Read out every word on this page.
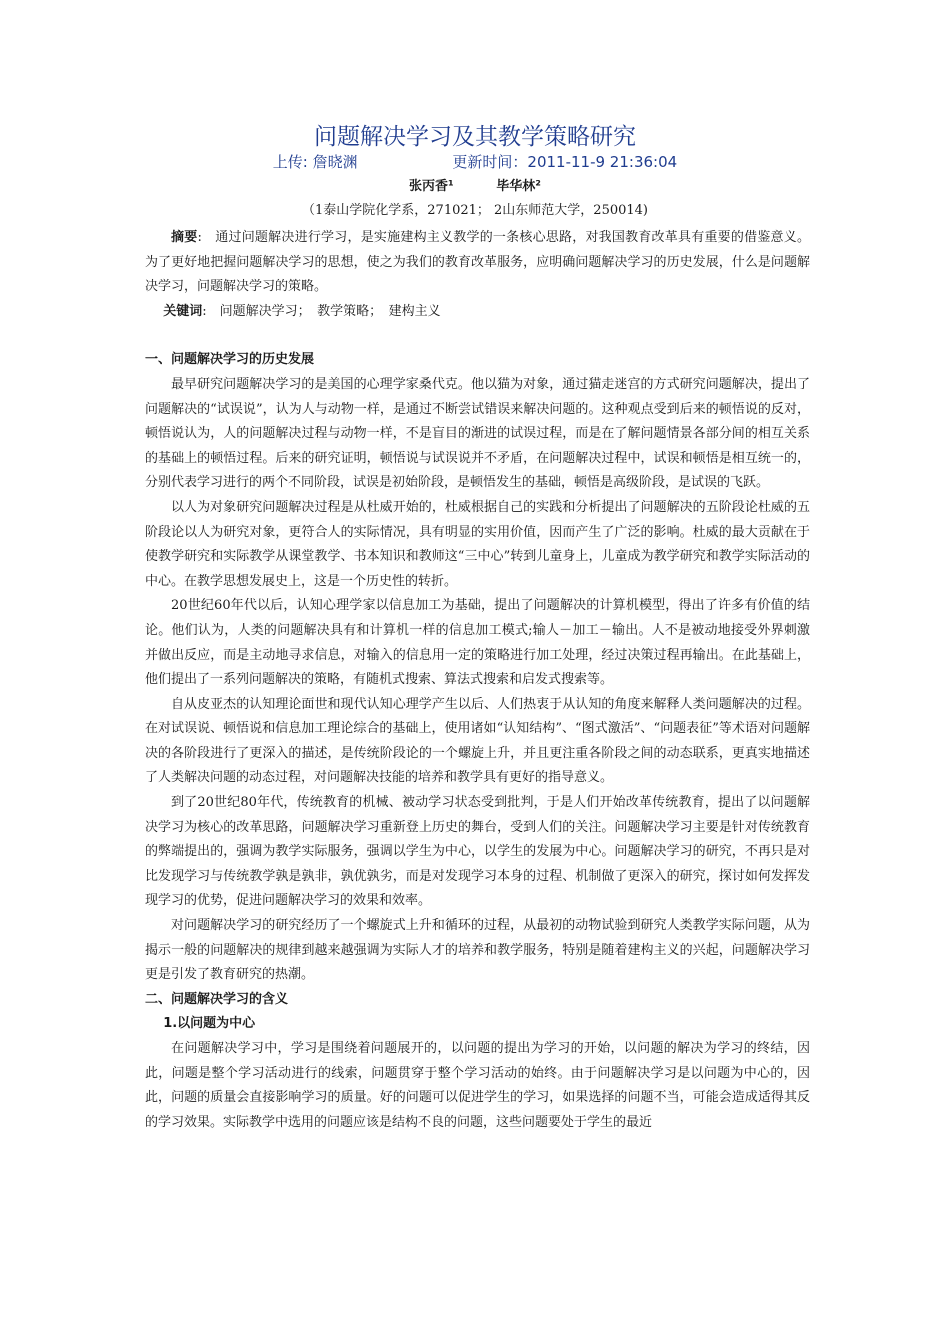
问题解决学习及其教学策略研究
上传: 詹晓渊	更新时间：2011-11-9 21:36:04
张丙香¹	毕华林²
（1泰山学院化学系，271021； 2山东师范大学，250014)

摘要:　通过问题解决进行学习，是实施建构主义教学的一条核心思路，对我国教育改革具有重要的借鉴意义。为了更好地把握问题解决学习的思想，使之为我们的教育改革服务，应明确问题解决学习的历史发展，什么是问题解决学习，问题解决学习的策略。

关键词:　问题解决学习；　教学策略；　建构主义

一、问题解决学习的历史发展

最早研究问题解决学习的是美国的心理学家桑代克。他以猫为对象，通过猫走迷宫的方式研究问题解决，提出了问题解决的“试误说”，认为人与动物一样，是通过不断尝试错误来解决问题的。这种观点受到后来的顿悟说的反对，顿悟说认为，人的问题解决过程与动物一样，不是盲目的渐进的试误过程，而是在了解问题情景各部分间的相互关系的基础上的顿悟过程。后来的研究证明，顿悟说与试误说并不矛盾，在问题解决过程中，试误和顿悟是相互统一的，分别代表学习进行的两个不同阶段，试误是初始阶段，是顿悟发生的基础，顿悟是高级阶段，是试误的飞跃。

以人为对象研究问题解决过程是从杜威开始的，杜威根据自己的实践和分析提出了问题解决的五阶段论杜威的五阶段论以人为研究对象，更符合人的实际情况，具有明显的实用价值，因而产生了广泛的影响。杜威的最大贡献在于使教学研究和实际教学从课堂教学、书本知识和教师这“三中心”转到儿童身上，儿童成为教学研究和教学实际活动的中心。在教学思想发展史上，这是一个历史性的转折。

20世纪60年代以后，认知心理学家以信息加工为基础，提出了问题解决的计算机模型，得出了许多有价值的结论。他们认为，人类的问题解决具有和计算机一样的信息加工模式;输人－加工－输出。人不是被动地接受外界刺激并做出反应，而是主动地寻求信息，对输入的信息用一定的策略进行加工处理，经过决策过程再输出。在此基础上，他们提出了一系列问题解决的策略，有随机式搜索、算法式搜索和启发式搜索等。

自从皮亚杰的认知理论面世和现代认知心理学产生以后、人们热衷于从认知的角度来解释人类问题解决的过程。在对试误说、顿悟说和信息加工理论综合的基础上，使用诸如“认知结构”、“图式激活”、“问题表征”等术语对问题解决的各阶段进行了更深入的描述，是传统阶段论的一个螺旋上升，并且更注重各阶段之间的动态联系，更真实地描述了人类解决问题的动态过程，对问题解决技能的培养和教学具有更好的指导意义。

到了20世纪80年代，传统教育的机械、被动学习状态受到批判，于是人们开始改革传统教育，提出了以问题解决学习为核心的改革思路，问题解决学习重新登上历史的舞台，受到人们的关注。问题解决学习主要是针对传统教育的弊端提出的，强调为教学实际服务，强调以学生为中心，以学生的发展为中心。问题解决学习的研究，不再只是对比发现学习与传统教学孰是孰非，孰优孰劣，而是对发现学习本身的过程、机制做了更深入的研究，探讨如何发挥发现学习的优势，促进问题解决学习的效果和效率。

对问题解决学习的研究经历了一个螺旋式上升和循环的过程，从最初的动物试验到研究人类教学实际问题，从为揭示一般的问题解决的规律到越来越强调为实际人才的培养和教学服务，特别是随着建构主义的兴起，问题解决学习更是引发了教育研究的热潮。

二、问题解决学习的含义
1.以问题为中心

在问题解决学习中，学习是围绕着问题展开的，以问题的提出为学习的开始，以问题的解决为学习的终结，因此，问题是整个学习活动进行的线索，问题贯穿于整个学习活动的始终。由于问题解决学习是以问题为中心的，因此，问题的质量会直接影响学习的质量。好的问题可以促进学生的学习，如果选择的问题不当，可能会造成适得其反的学习效果。实际教学中选用的问题应该是结构不良的问题，这些问题要处于学生的最近
